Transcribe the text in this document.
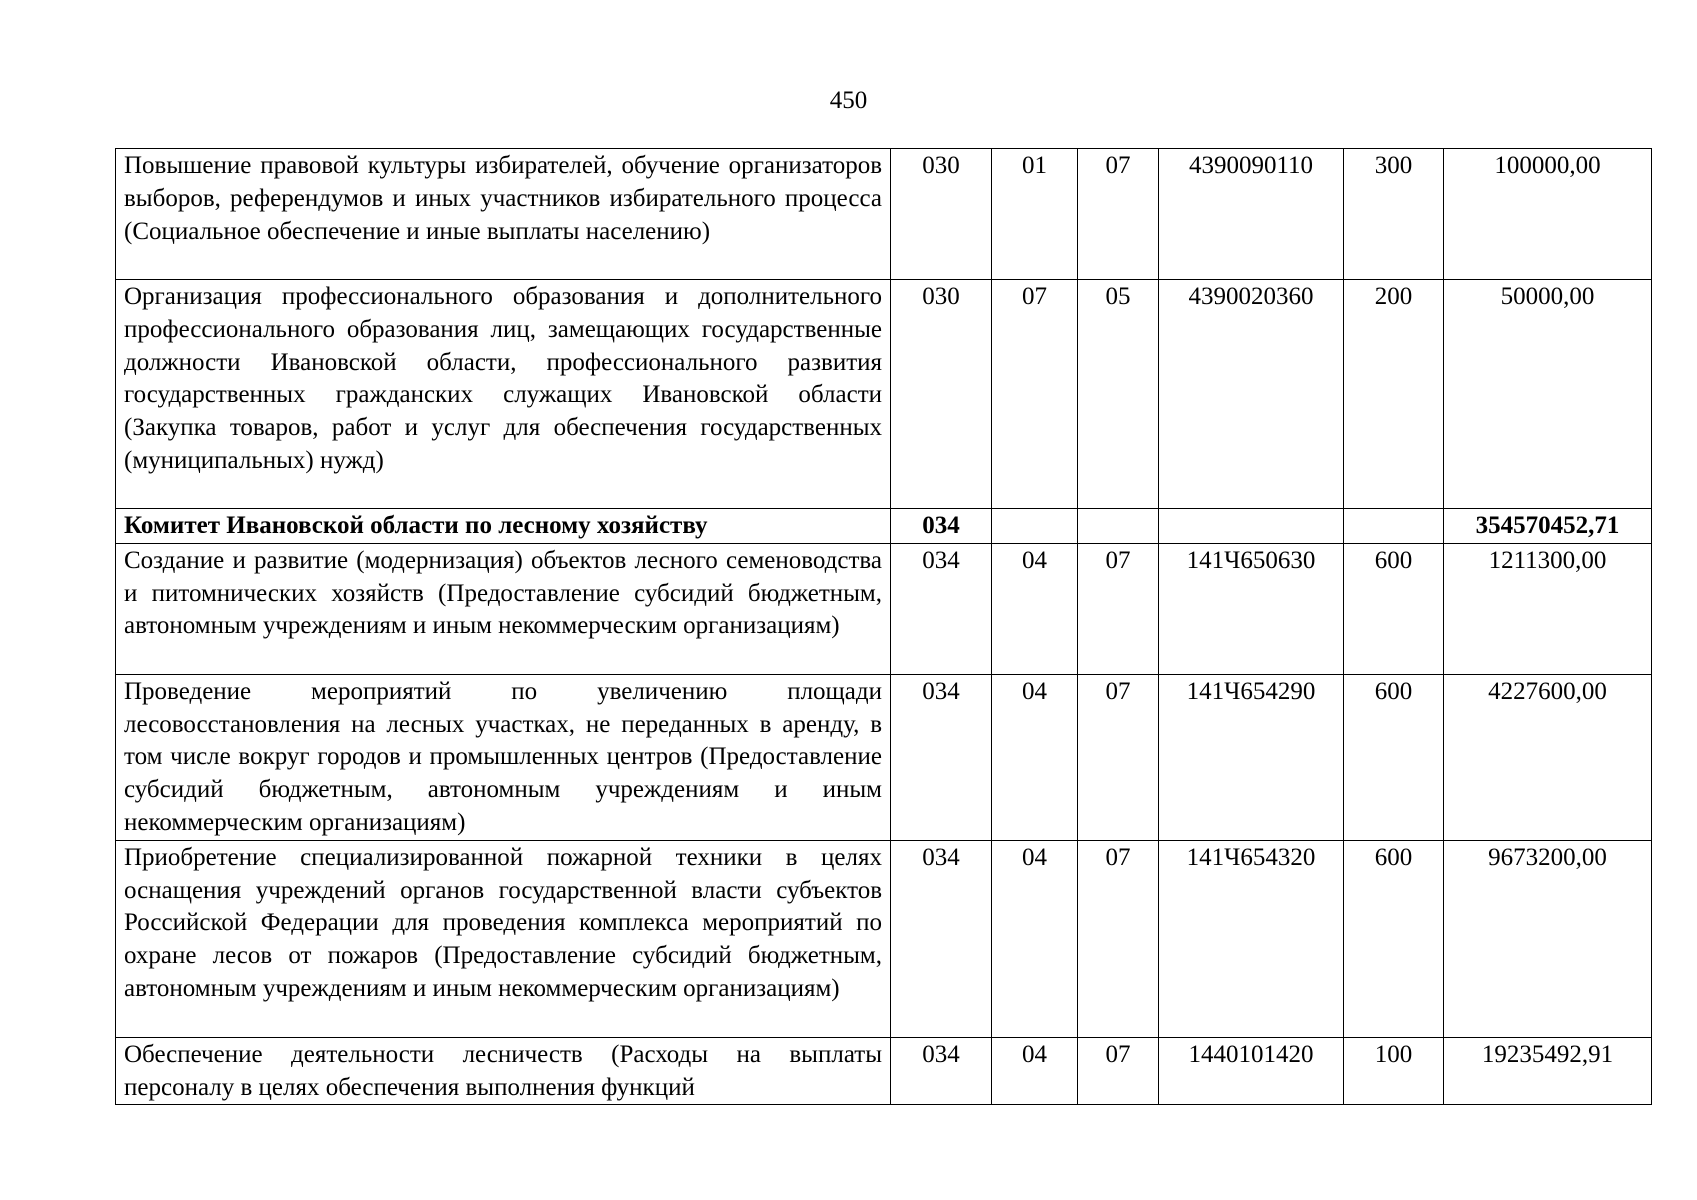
450
Повышение правовой культуры избирателей, обучение организаторов выборов, референдумов и иных участников избирательного процесса (Социальное обеспечение и иные выплаты населению)	030	01	07	4390090110	300	100000,00
Организация профессионального образования и дополнительного профессионального образования лиц, замещающих государственные должности Ивановской области, профессионального развития государственных гражданских служащих Ивановской области (Закупка товаров, работ и услуг для обеспечения государственных (муниципальных) нужд)	030	07	05	4390020360	200	50000,00
Комитет Ивановской области по лесному хозяйству	034					354570452,71
Создание и развитие (модернизация) объектов лесного семеноводства и питомнических хозяйств (Предоставление субсидий бюджетным, автономным учреждениям и иным некоммерческим организациям)	034	04	07	141Ч650630	600	1211300,00
Проведение мероприятий по увеличению площади лесовосстановления на лесных участках, не переданных в аренду, в том числе вокруг городов и промышленных центров (Предоставление субсидий бюджетным, автономным учреждениям и иным некоммерческим организациям)	034	04	07	141Ч654290	600	4227600,00
Приобретение специализированной пожарной техники в целях оснащения учреждений органов государственной власти субъектов Российской Федерации для проведения комплекса мероприятий по охране лесов от пожаров (Предоставление субсидий бюджетным, автономным учреждениям и иным некоммерческим организациям)	034	04	07	141Ч654320	600	9673200,00
Обеспечение деятельности лесничеств (Расходы на выплаты персоналу в целях обеспечения выполнения функций	034	04	07	1440101420	100	19235492,91
